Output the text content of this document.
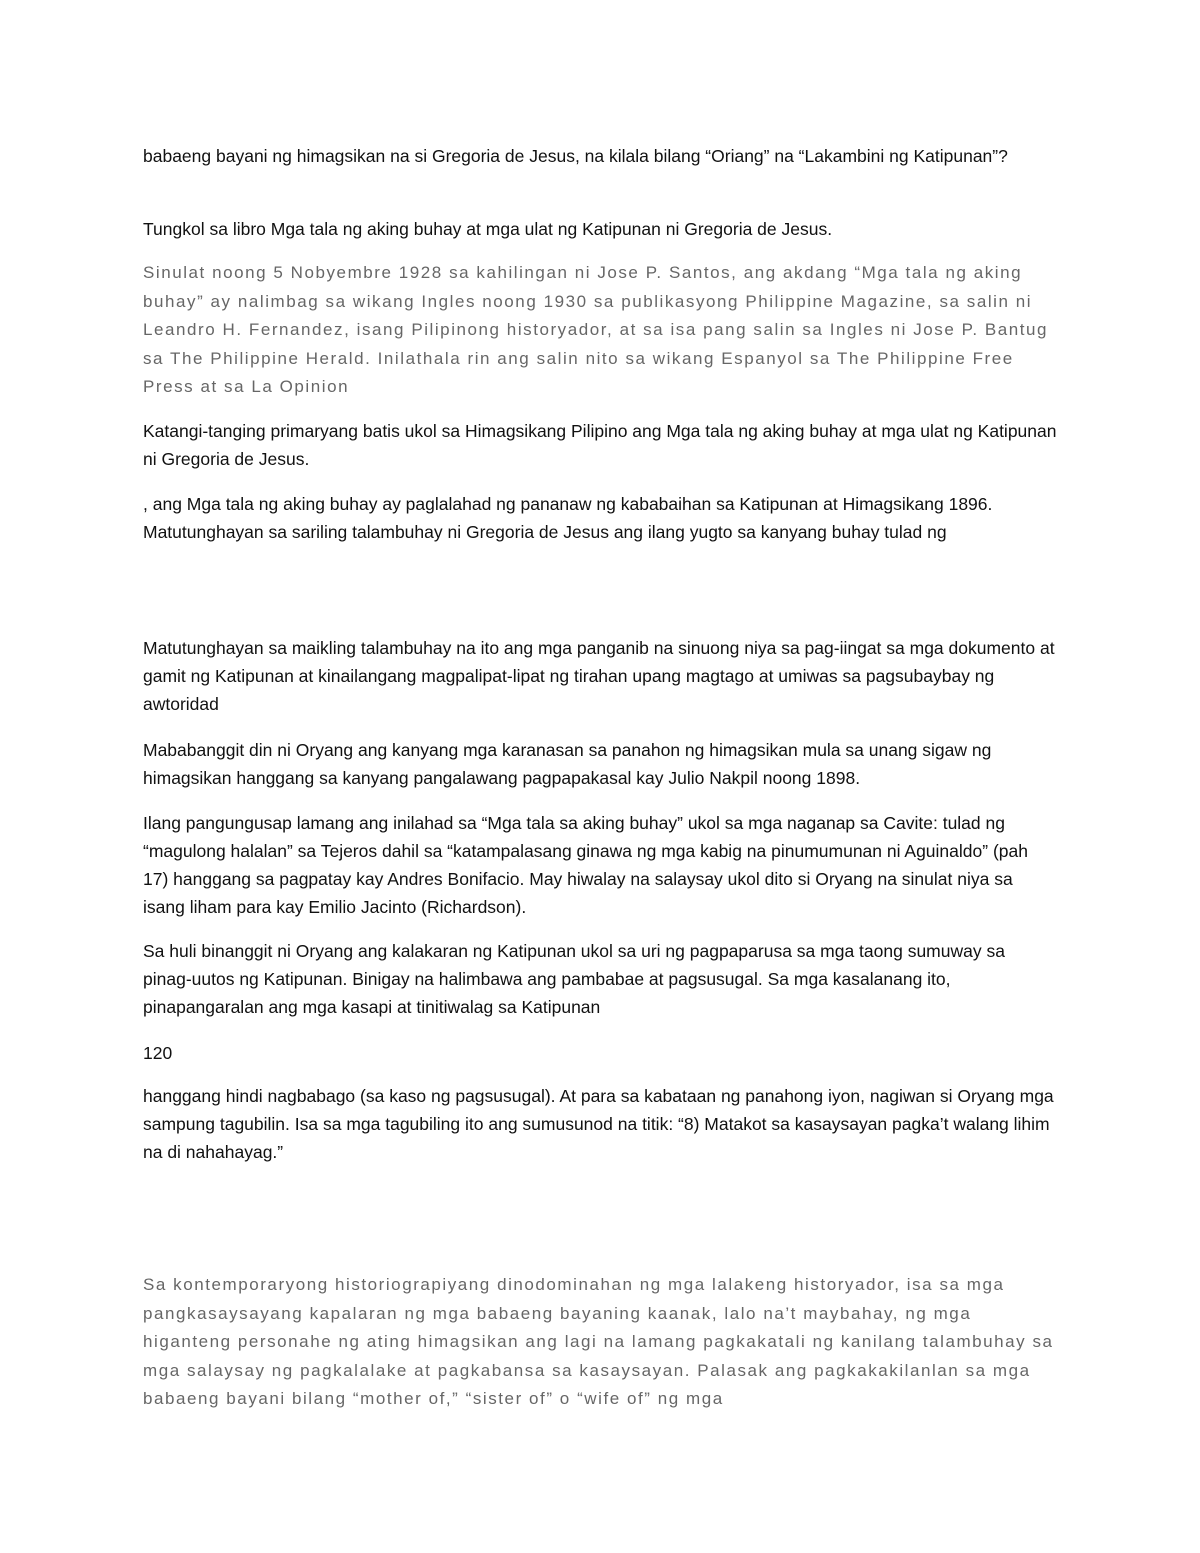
babaeng bayani ng himagsikan na si Gregoria de Jesus, na kilala bilang “Oriang” na “Lakambini ng Katipunan”?

Tungkol sa libro Mga tala ng aking buhay at mga ulat ng Katipunan ni Gregoria de Jesus.

Sinulat noong 5 Nobyembre 1928 sa kahilingan ni Jose P. Santos, ang akdang “Mga tala ng aking buhay” ay nalimbag sa wikang Ingles noong 1930 sa publikasyong Philippine Magazine, sa salin ni Leandro H. Fernandez, isang Pilipinong historyador, at sa isa pang salin sa Ingles ni Jose P. Bantug sa The Philippine Herald. Inilathala rin ang salin nito sa wikang Espanyol sa The Philippine Free Press at sa La Opinion

Katangi-tanging primaryang batis ukol sa Himagsikang Pilipino ang Mga tala ng aking buhay at mga ulat ng Katipunan ni Gregoria de Jesus.

, ang Mga tala ng aking buhay ay paglalahad ng pananaw ng kababaihan sa Katipunan at Himagsikang 1896. Matutunghayan sa sariling talambuhay ni Gregoria de Jesus ang ilang yugto sa kanyang buhay tulad ng

Matutunghayan sa maikling talambuhay na ito ang mga panganib na sinuong niya sa pag-iingat sa mga dokumento at gamit ng Katipunan at kinailangang magpalipat-lipat ng tirahan upang magtago at umiwas sa pagsubaybay ng awtoridad

Mababanggit din ni Oryang ang kanyang mga karanasan sa panahon ng himagsikan mula sa unang sigaw ng himagsikan hanggang sa kanyang pangalawang pagpapakasal kay Julio Nakpil noong 1898.

Ilang pangungusap lamang ang inilahad sa “Mga tala sa aking buhay” ukol sa mga naganap sa Cavite: tulad ng “magulong halalan” sa Tejeros dahil sa “katampalasang ginawa ng mga kabig na pinumumunan ni Aguinaldo” (pah 17) hanggang sa pagpatay kay Andres Bonifacio. May hiwalay na salaysay ukol dito si Oryang na sinulat niya sa isang liham para kay Emilio Jacinto (Richardson).

Sa huli binanggit ni Oryang ang kalakaran ng Katipunan ukol sa uri ng pagpaparusa sa mga taong sumuway sa pinag-uutos ng Katipunan. Binigay na halimbawa ang pambabae at pagsusugal. Sa mga kasalanang ito, pinapangaralan ang mga kasapi at tinitiwalag sa Katipunan

120

hanggang hindi nagbabago (sa kaso ng pagsusugal). At para sa kabataan ng panahong iyon, nagiwan si Oryang mga sampung tagubilin. Isa sa mga tagubiling ito ang sumusunod na titik: “8) Matakot sa kasaysayan pagka’t walang lihim na di nahahayag.”

Sa kontemporaryong historiograpiyang dinodominahan ng mga lalakeng historyador, isa sa mga pangkasaysayang kapalaran ng mga babaeng bayaning kaanak, lalo na’t maybahay, ng mga higanteng personahe ng ating himagsikan ang lagi na lamang pagkakatali ng kanilang talambuhay sa mga salaysay ng pagkalalake at pagkabansa sa kasaysayan. Palasak ang pagkakakilanlan sa mga babaeng bayani bilang “mother of,” “sister of” o “wife of” ng mga
